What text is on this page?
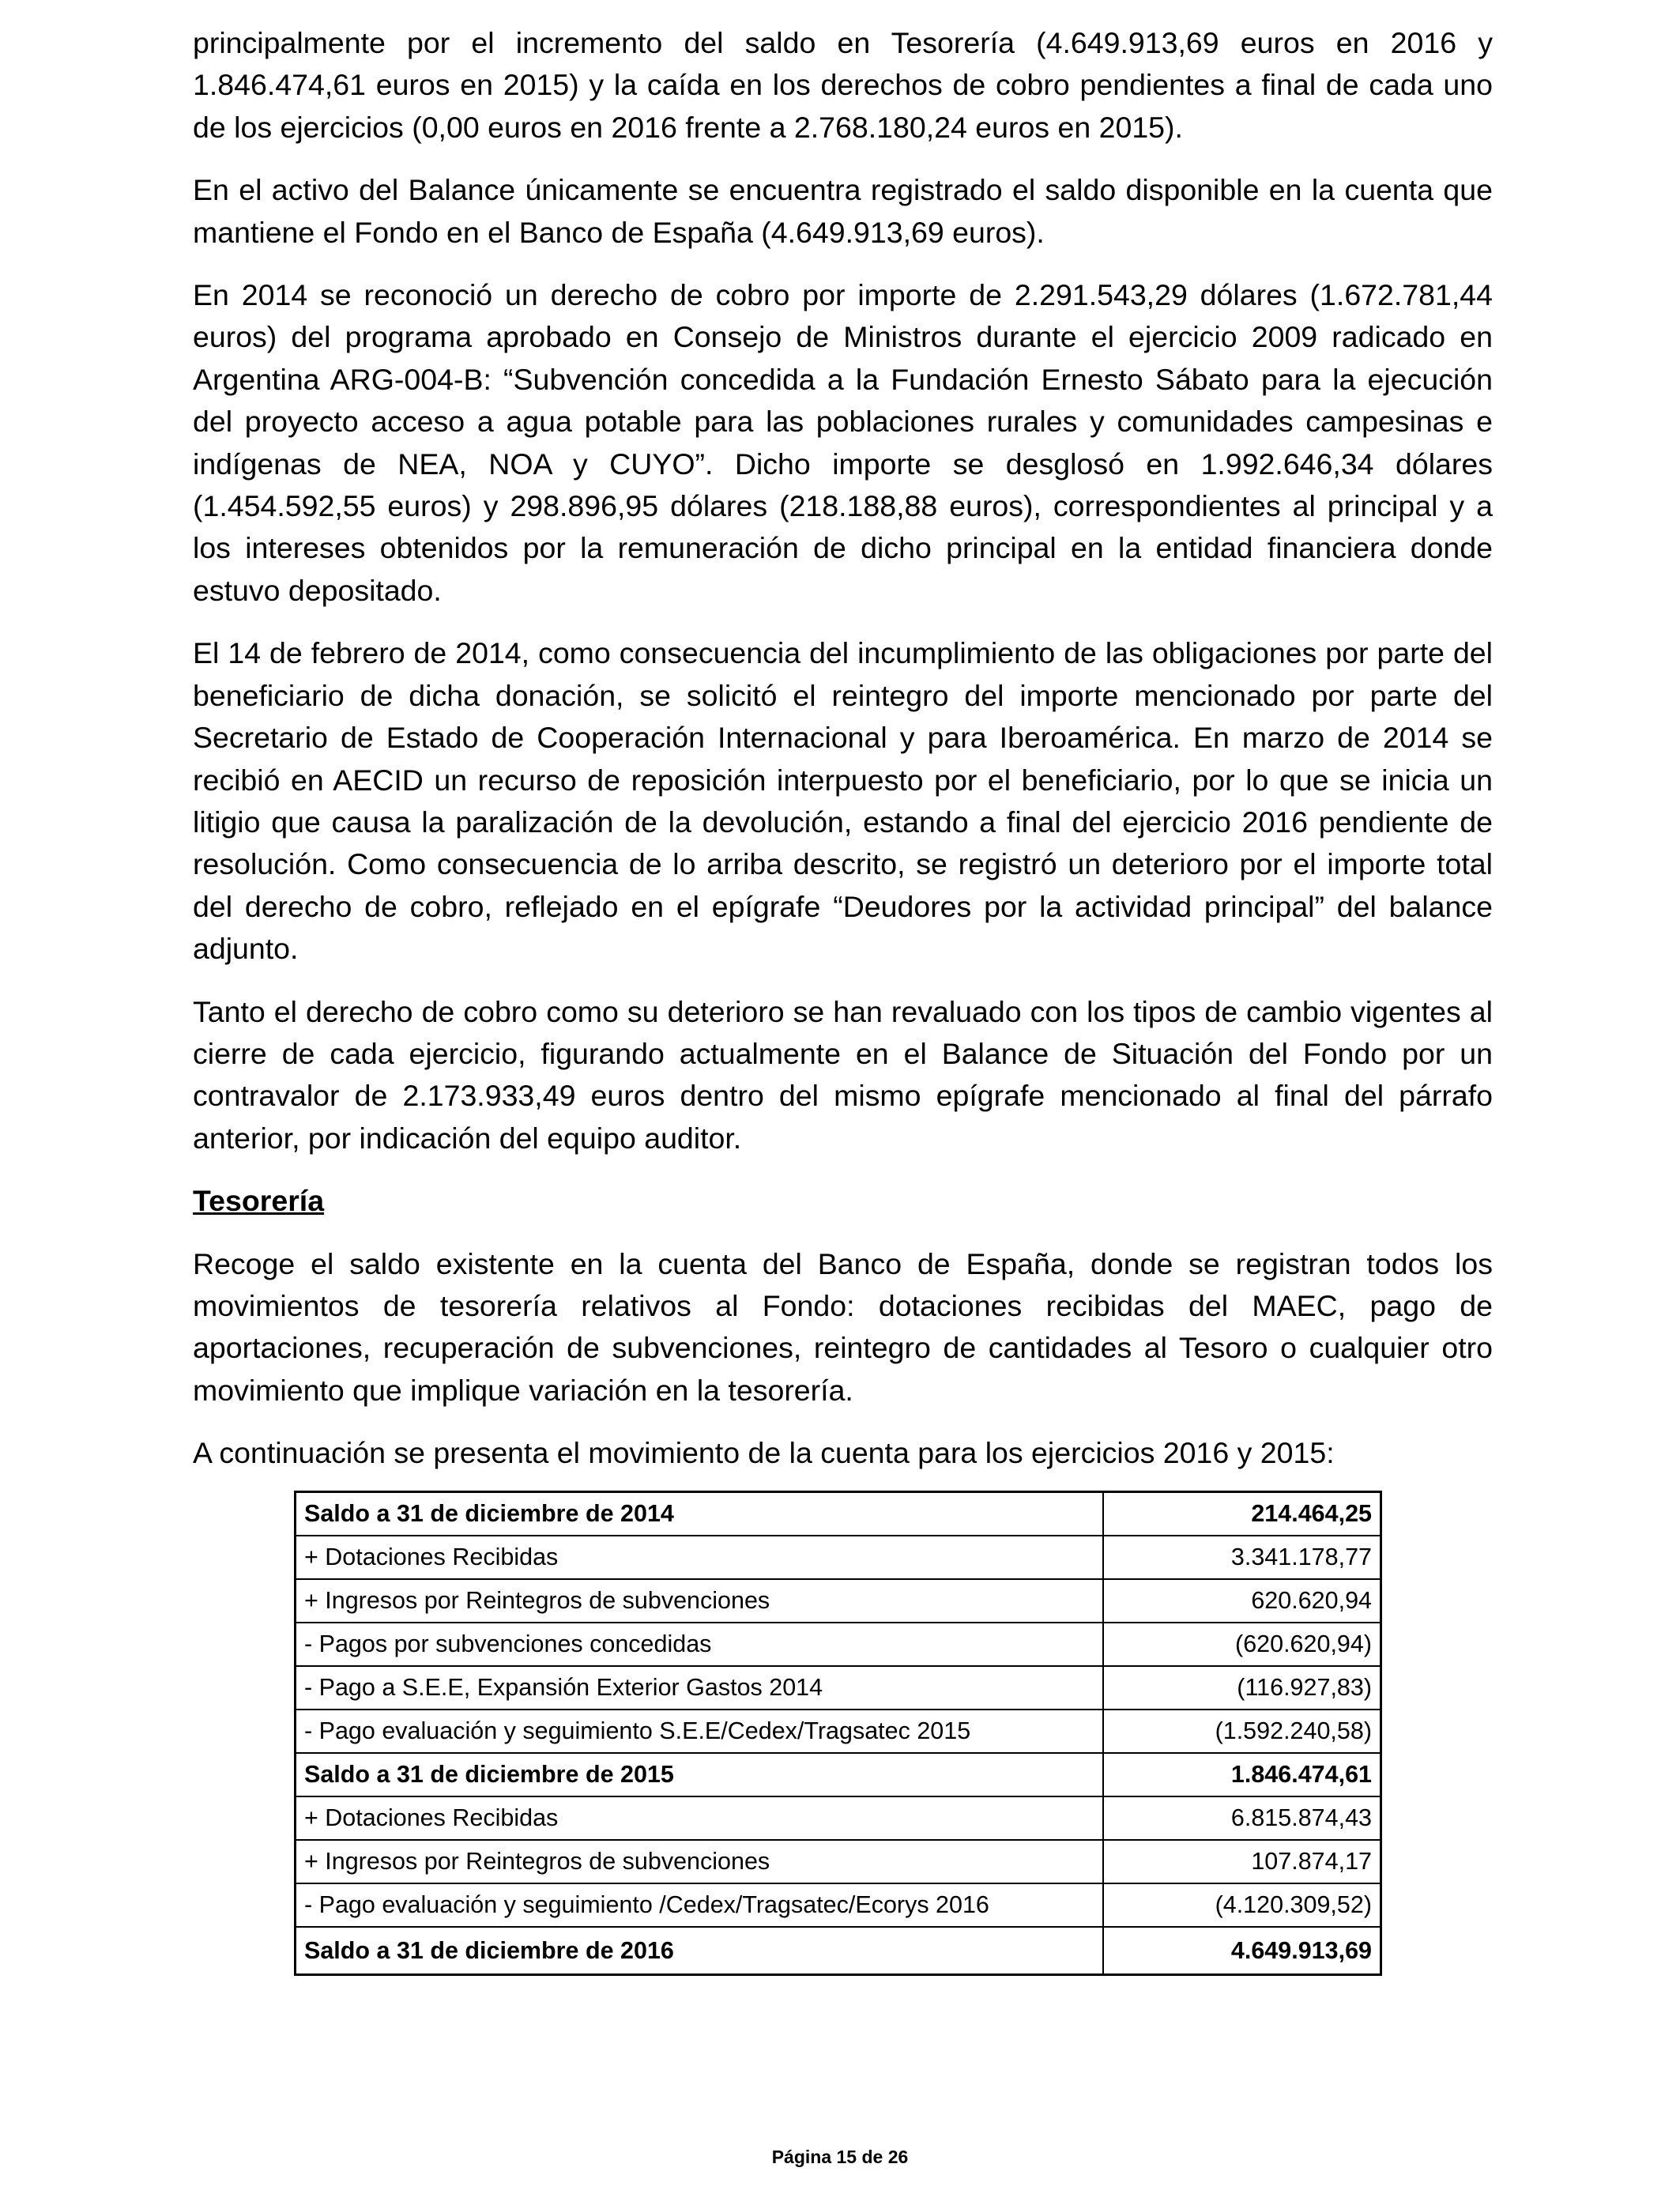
principalmente por el incremento del saldo en Tesorería (4.649.913,69 euros en 2016 y 1.846.474,61 euros en 2015) y la caída en los derechos de cobro pendientes a final de cada uno de los ejercicios (0,00 euros en 2016 frente a 2.768.180,24 euros en 2015).

En el activo del Balance únicamente se encuentra registrado el saldo disponible en la cuenta que mantiene el Fondo en el Banco de España (4.649.913,69 euros).

En 2014 se reconoció un derecho de cobro por importe de 2.291.543,29 dólares (1.672.781,44 euros) del programa aprobado en Consejo de Ministros durante el ejercicio 2009 radicado en Argentina ARG-004-B: “Subvención concedida a la Fundación Ernesto Sábato para la ejecución del proyecto acceso a agua potable para las poblaciones rurales y comunidades campesinas e indígenas de NEA, NOA y CUYO”. Dicho importe se desglosó en 1.992.646,34 dólares (1.454.592,55 euros) y 298.896,95 dólares (218.188,88 euros), correspondientes al principal y a los intereses obtenidos por la remuneración de dicho principal en la entidad financiera donde estuvo depositado.

El 14 de febrero de 2014, como consecuencia del incumplimiento de las obligaciones por parte del beneficiario de dicha donación, se solicitó el reintegro del importe mencionado por parte del Secretario de Estado de Cooperación Internacional y para Iberoamérica. En marzo de 2014 se recibió en AECID un recurso de reposición interpuesto por el beneficiario, por lo que se inicia un litigio que causa la paralización de la devolución, estando a final del ejercicio 2016 pendiente de resolución. Como consecuencia de lo arriba descrito, se registró un deterioro por el importe total del derecho de cobro, reflejado en el epígrafe “Deudores por la actividad principal” del balance adjunto.

Tanto el derecho de cobro como su deterioro se han revaluado con los tipos de cambio vigentes al cierre de cada ejercicio, figurando actualmente en el Balance de Situación del Fondo por un contravalor de 2.173.933,49 euros dentro del mismo epígrafe mencionado al final del párrafo anterior, por indicación del equipo auditor.

Tesorería

Recoge el saldo existente en la cuenta del Banco de España, donde se registran todos los movimientos de tesorería relativos al Fondo: dotaciones recibidas del MAEC, pago de aportaciones, recuperación de subvenciones, reintegro de cantidades al Tesoro o cualquier otro movimiento que implique variación en la tesorería.

A continuación se presenta el movimiento de la cuenta para los ejercicios 2016 y 2015:

Saldo a 31 de diciembre de 2014	214.464,25
+ Dotaciones Recibidas	3.341.178,77
+ Ingresos por Reintegros de subvenciones	620.620,94
- Pagos por subvenciones concedidas	(620.620,94)
- Pago a S.E.E, Expansión Exterior Gastos 2014	(116.927,83)
- Pago evaluación y seguimiento S.E.E/Cedex/Tragsatec 2015	(1.592.240,58)
Saldo a 31 de diciembre de 2015	1.846.474,61
+ Dotaciones Recibidas	6.815.874,43
+ Ingresos por Reintegros de subvenciones	107.874,17
- Pago evaluación y seguimiento /Cedex/Tragsatec/Ecorys 2016	(4.120.309,52)
Saldo a 31 de diciembre de 2016	4.649.913,69
Página 15 de 26
